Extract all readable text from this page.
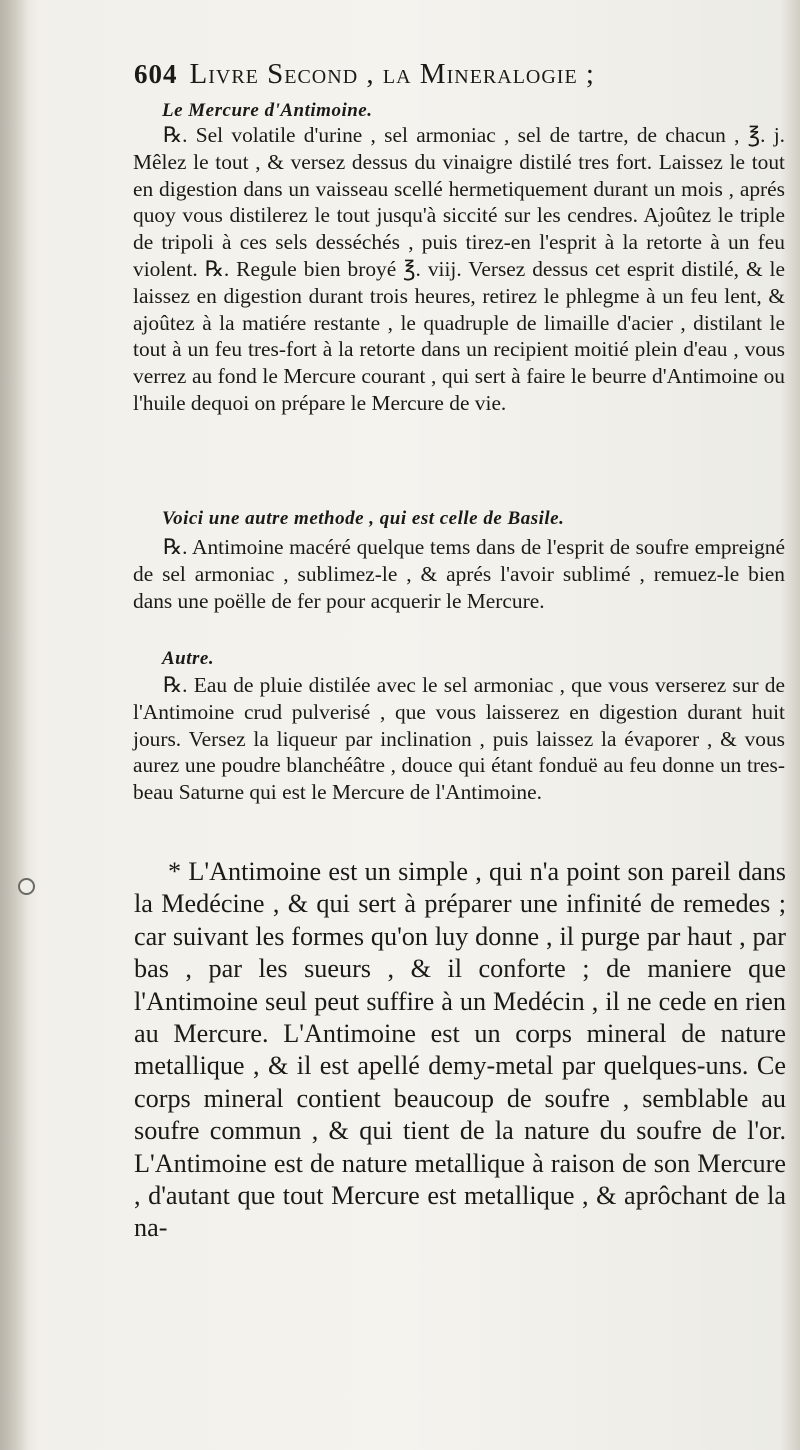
604 Livre Second , la Mineralogie ;
Le Mercure d'Antimoine.

℞. Sel volatile d'urine , sel armoniac , sel de tartre, de chacun , ℥. j. Mêlez le tout , & versez dessus du vinaigre distilé tres fort. Laissez le tout en digestion dans un vaisseau scellé hermetiquement durant un mois , aprés quoy vous distilerez le tout jusqu'à siccité sur les cendres. Ajoûtez le triple de tripoli à ces sels desséchés , puis tirez-en l'esprit à la retorte à un feu violent. ℞. Regule bien broyé ℥. viij. Versez dessus cet esprit distilé, & le laissez en digestion durant trois heures, retirez le phlegme à un feu lent, & ajoûtez à la matiére restante , le quadruple de limaille d'acier , distilant le tout à un feu tres-fort à la retorte dans un recipient moitié plein d'eau , vous verrez au fond le Mercure courant , qui sert à faire le beurre d'Antimoine ou l'huile dequoi on prépare le Mercure de vie.

Voici une autre methode , qui est celle de Basile.

℞. Antimoine macéré quelque tems dans de l'esprit de soufre empreigné de sel armoniac , sublimez-le , & aprés l'avoir sublimé , remuez-le bien dans une poëlle de fer pour acquerir le Mercure.

Autre.

℞. Eau de pluie distilée avec le sel armoniac , que vous verserez sur de l'Antimoine crud pulverisé , que vous laisserez en digestion durant huit jours. Versez la liqueur par inclination , puis laissez la évaporer , & vous aurez une poudre blanchéâtre , douce qui étant fonduë au feu donne un tres-beau Saturne qui est le Mercure de l'Antimoine.

* L'Antimoine est un simple , qui n'a point son pareil dans la Medécine , & qui sert à préparer une infinité de remedes ; car suivant les formes qu'on luy donne , il purge par haut , par bas , par les sueurs , & il conforte ; de maniere que l'Antimoine seul peut suffire à un Medécin , il ne cede en rien au Mercure. L'Antimoine est un corps mineral de nature metallique , & il est apellé demy-metal par quelques-uns. Ce corps mineral contient beaucoup de soufre , semblable au soufre commun , & qui tient de la nature du soufre de l'or. L'Antimoine est de nature metallique à raison de son Mercure , d'autant que tout Mercure est metallique , & aprôchant de la na-
